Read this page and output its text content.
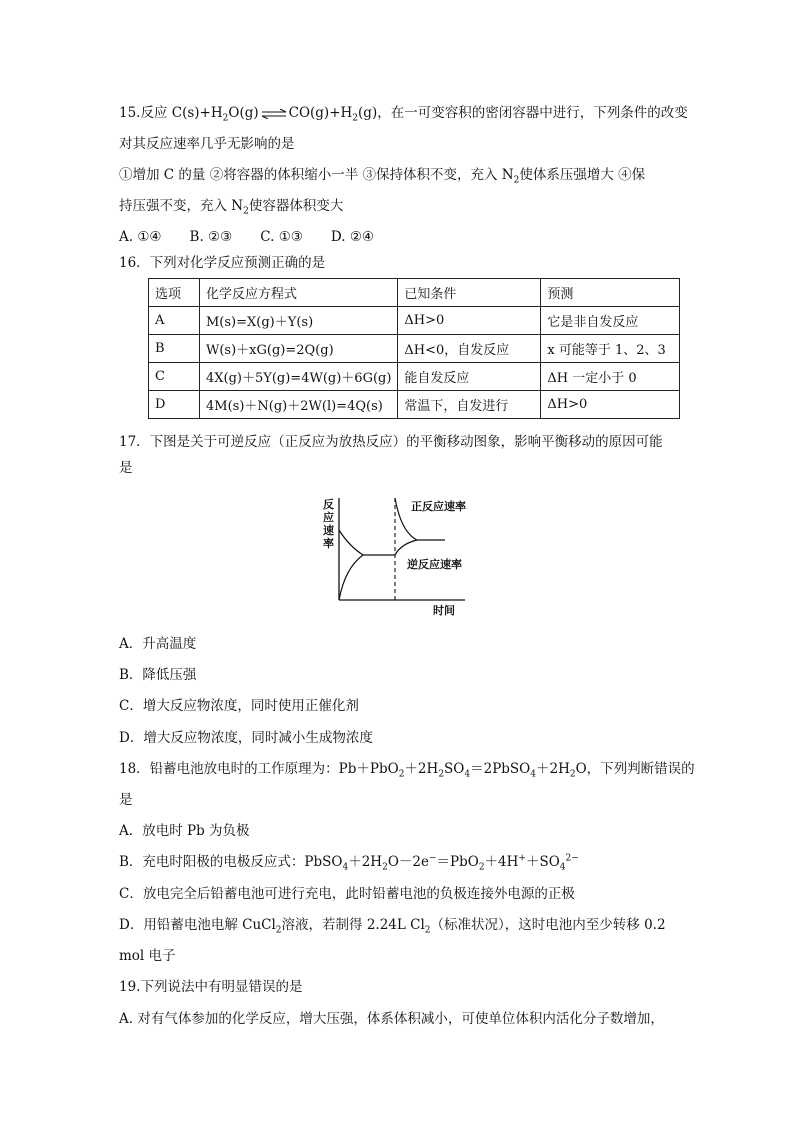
15.反应 $C(s)+H_2O(g)$ ⇌ $CO(g)+H_2(g)$，在一可变容积的密闭容器中进行，下列条件的改变
对其反应速率几乎无影响的是
①增加 C 的量 ②将容器的体积缩小一半 ③保持体积不变，充入 $N_2$使体系压强增大 ④保
持压强不变，充入 $N_2$使容器体积变大
A. ①④ B. ②③ C. ①③ D. ②④
16．下列对化学反应预测正确的是
选项	化学反应方程式	已知条件	预测
A	M(s)=X(g)＋Y(s)	ΔH>0	它是非自发反应
B	W(s)＋xG(g)=2Q(g)	ΔH<0，自发反应	x 可能等于 1、2、3
C	4X(g)＋5Y(g)=4W(g)＋6G(g)	能自发反应	ΔH 一定小于 0
D	4M(s)＋N(g)＋2W(l)=4Q(s)	常温下，自发进行	ΔH>0
17．下图是关于可逆反应（正反应为放热反应）的平衡移动图象，影响平衡移动的原因可能
是
反
应
速
率
正反应速率
逆反应速率
时间
A．升高温度
B．降低压强
C．增大反应物浓度，同时使用正催化剂
D．增大反应物浓度，同时减小生成物浓度
18．铅蓄电池放电时的工作原理为：$Pb+PbO_2+2H_2SO_4=2PbSO_4+2H_2O$，下列判断错误的
是
A．放电时 Pb 为负极
B．充电时阳极的电极反应式：$PbSO_4+2H_2O-2e^-=PbO_2+4H^++SO_4^{2-}$
C．放电完全后铅蓄电池可进行充电，此时铅蓄电池的负极连接外电源的正极
D．用铅蓄电池电解 CuCl$_2$溶液，若制得 2.24L $Cl_2$（标准状况），这时电池内至少转移 0.2
mol 电子
19.下列说法中有明显错误的是
A. 对有气体参加的化学反应，增大压强，体系体积减小，可使单位体积内活化分子数增加，
